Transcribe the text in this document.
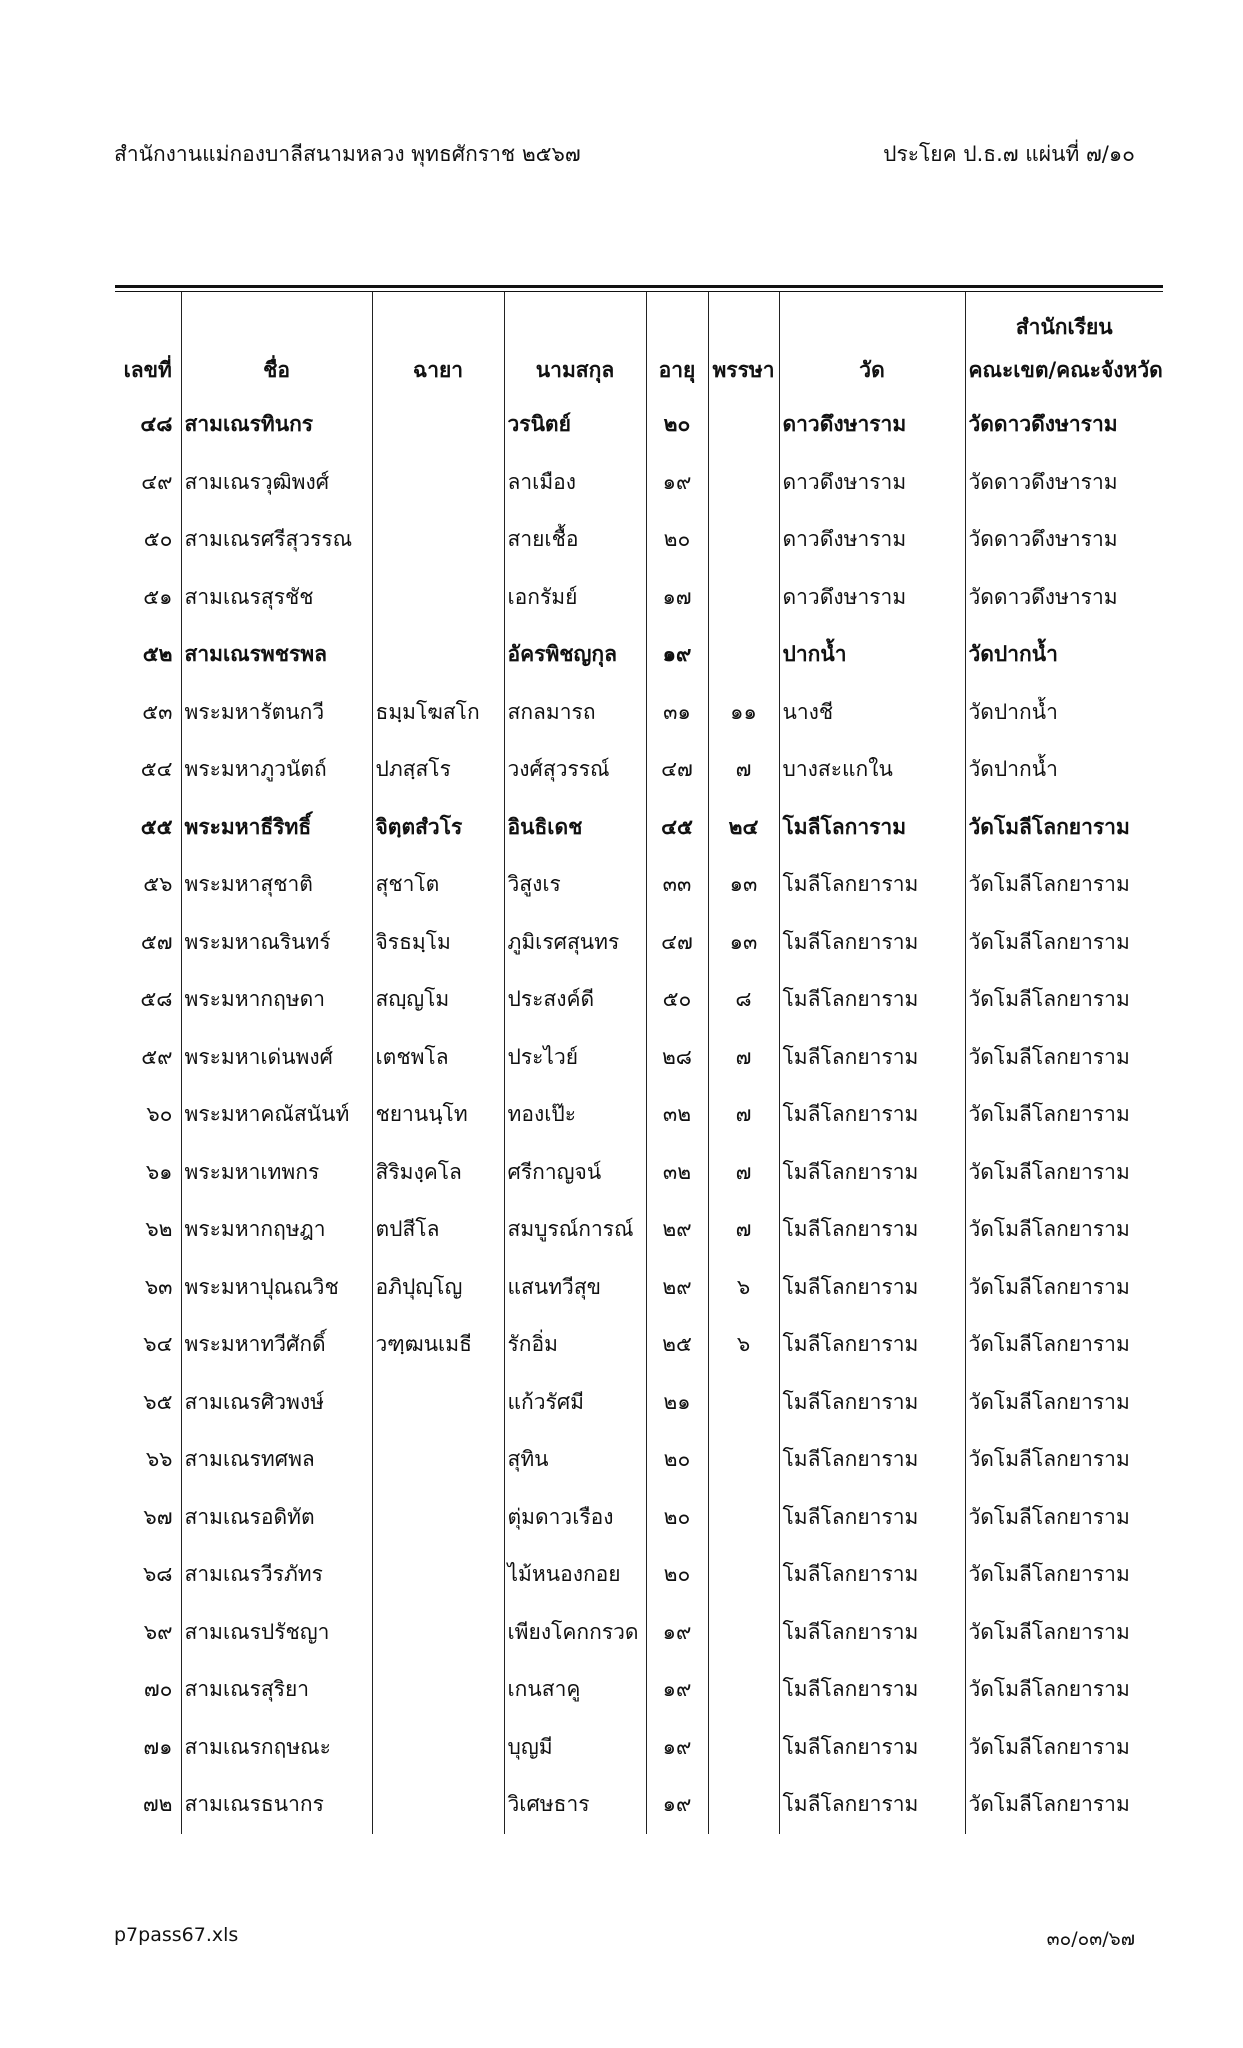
สำนักงานแม่กองบาลีสนามหลวง พุทธศักราช ๒๕๖๗	ประโยค ป.ธ.๗ แผ่นที่ ๗/๑๐
							สำนักเรียน
เลขที่	ชื่อ	ฉายา	นามสกุล	อายุ	พรรษา	วัด	คณะเขต/คณะจังหวัด
๔๘	สามเณรทินกร		วรนิตย์	๒๐		ดาวดึงษาราม	วัดดาวดึงษาราม
๔๙	สามเณรวุฒิพงศ์		ลาเมือง	๑๙		ดาวดึงษาราม	วัดดาวดึงษาราม
๕๐	สามเณรศรีสุวรรณ		สายเชื้อ	๒๐		ดาวดึงษาราม	วัดดาวดึงษาราม
๕๑	สามเณรสุรชัช		เอกรัมย์	๑๗		ดาวดึงษาราม	วัดดาวดึงษาราม
๕๒	สามเณรพชรพล		อัครพิชญกุล	๑๙		ปากน้ำ	วัดปากน้ำ
๕๓	พระมหารัตนกวี	ธมฺมโฆสโก	สกลมารถ	๓๑	๑๑	นางชี	วัดปากน้ำ
๕๔	พระมหาภูวนัตถ์	ปภสฺสโร	วงศ์สุวรรณ์	๔๗	๗	บางสะแกใน	วัดปากน้ำ
๕๕	พระมหาธีริทธิ์	จิตฺตสํวโร	อินธิเดช	๔๕	๒๔	โมลีโลการาม	วัดโมลีโลกยาราม
๕๖	พระมหาสุชาติ	สุชาโต	วิสูงเร	๓๓	๑๓	โมลีโลกยาราม	วัดโมลีโลกยาราม
๕๗	พระมหาณรินทร์	จิรธมฺโม	ภูมิเรศสุนทร	๔๗	๑๓	โมลีโลกยาราม	วัดโมลีโลกยาราม
๕๘	พระมหากฤษดา	สญฺญโม	ประสงค์ดี	๕๐	๘	โมลีโลกยาราม	วัดโมลีโลกยาราม
๕๙	พระมหาเด่นพงศ์	เตชพโล	ประไวย์	๒๘	๗	โมลีโลกยาราม	วัดโมลีโลกยาราม
๖๐	พระมหาคณัสนันท์	ชยานนฺโท	ทองเป๊ะ	๓๒	๗	โมลีโลกยาราม	วัดโมลีโลกยาราม
๖๑	พระมหาเทพกร	สิริมงฺคโล	ศรีกาญจน์	๓๒	๗	โมลีโลกยาราม	วัดโมลีโลกยาราม
๖๒	พระมหากฤษฎา	ตปสีโล	สมบูรณ์การณ์	๒๙	๗	โมลีโลกยาราม	วัดโมลีโลกยาราม
๖๓	พระมหาปุณณวิช	อภิปุญฺโญ	แสนทวีสุข	๒๙	๖	โมลีโลกยาราม	วัดโมลีโลกยาราม
๖๔	พระมหาทวีศักดิ์	วฑฺฒนเมธี	รักอิ่ม	๒๕	๖	โมลีโลกยาราม	วัดโมลีโลกยาราม
๖๕	สามเณรศิวพงษ์		แก้วรัศมี	๒๑		โมลีโลกยาราม	วัดโมลีโลกยาราม
๖๖	สามเณรทศพล		สุทิน	๒๐		โมลีโลกยาราม	วัดโมลีโลกยาราม
๖๗	สามเณรอดิทัต		ตุ่มดาวเรือง	๒๐		โมลีโลกยาราม	วัดโมลีโลกยาราม
๖๘	สามเณรวีรภัทร		ไม้หนองกอย	๒๐		โมลีโลกยาราม	วัดโมลีโลกยาราม
๖๙	สามเณรปรัชญา		เพียงโคกกรวด	๑๙		โมลีโลกยาราม	วัดโมลีโลกยาราม
๗๐	สามเณรสุริยา		เกนสาคู	๑๙		โมลีโลกยาราม	วัดโมลีโลกยาราม
๗๑	สามเณรกฤษณะ		บุญมี	๑๙		โมลีโลกยาราม	วัดโมลีโลกยาราม
๗๒	สามเณรธนากร		วิเศษธาร	๑๙		โมลีโลกยาราม	วัดโมลีโลกยาราม
p7pass67.xls	๓๐/๐๓/๖๗
